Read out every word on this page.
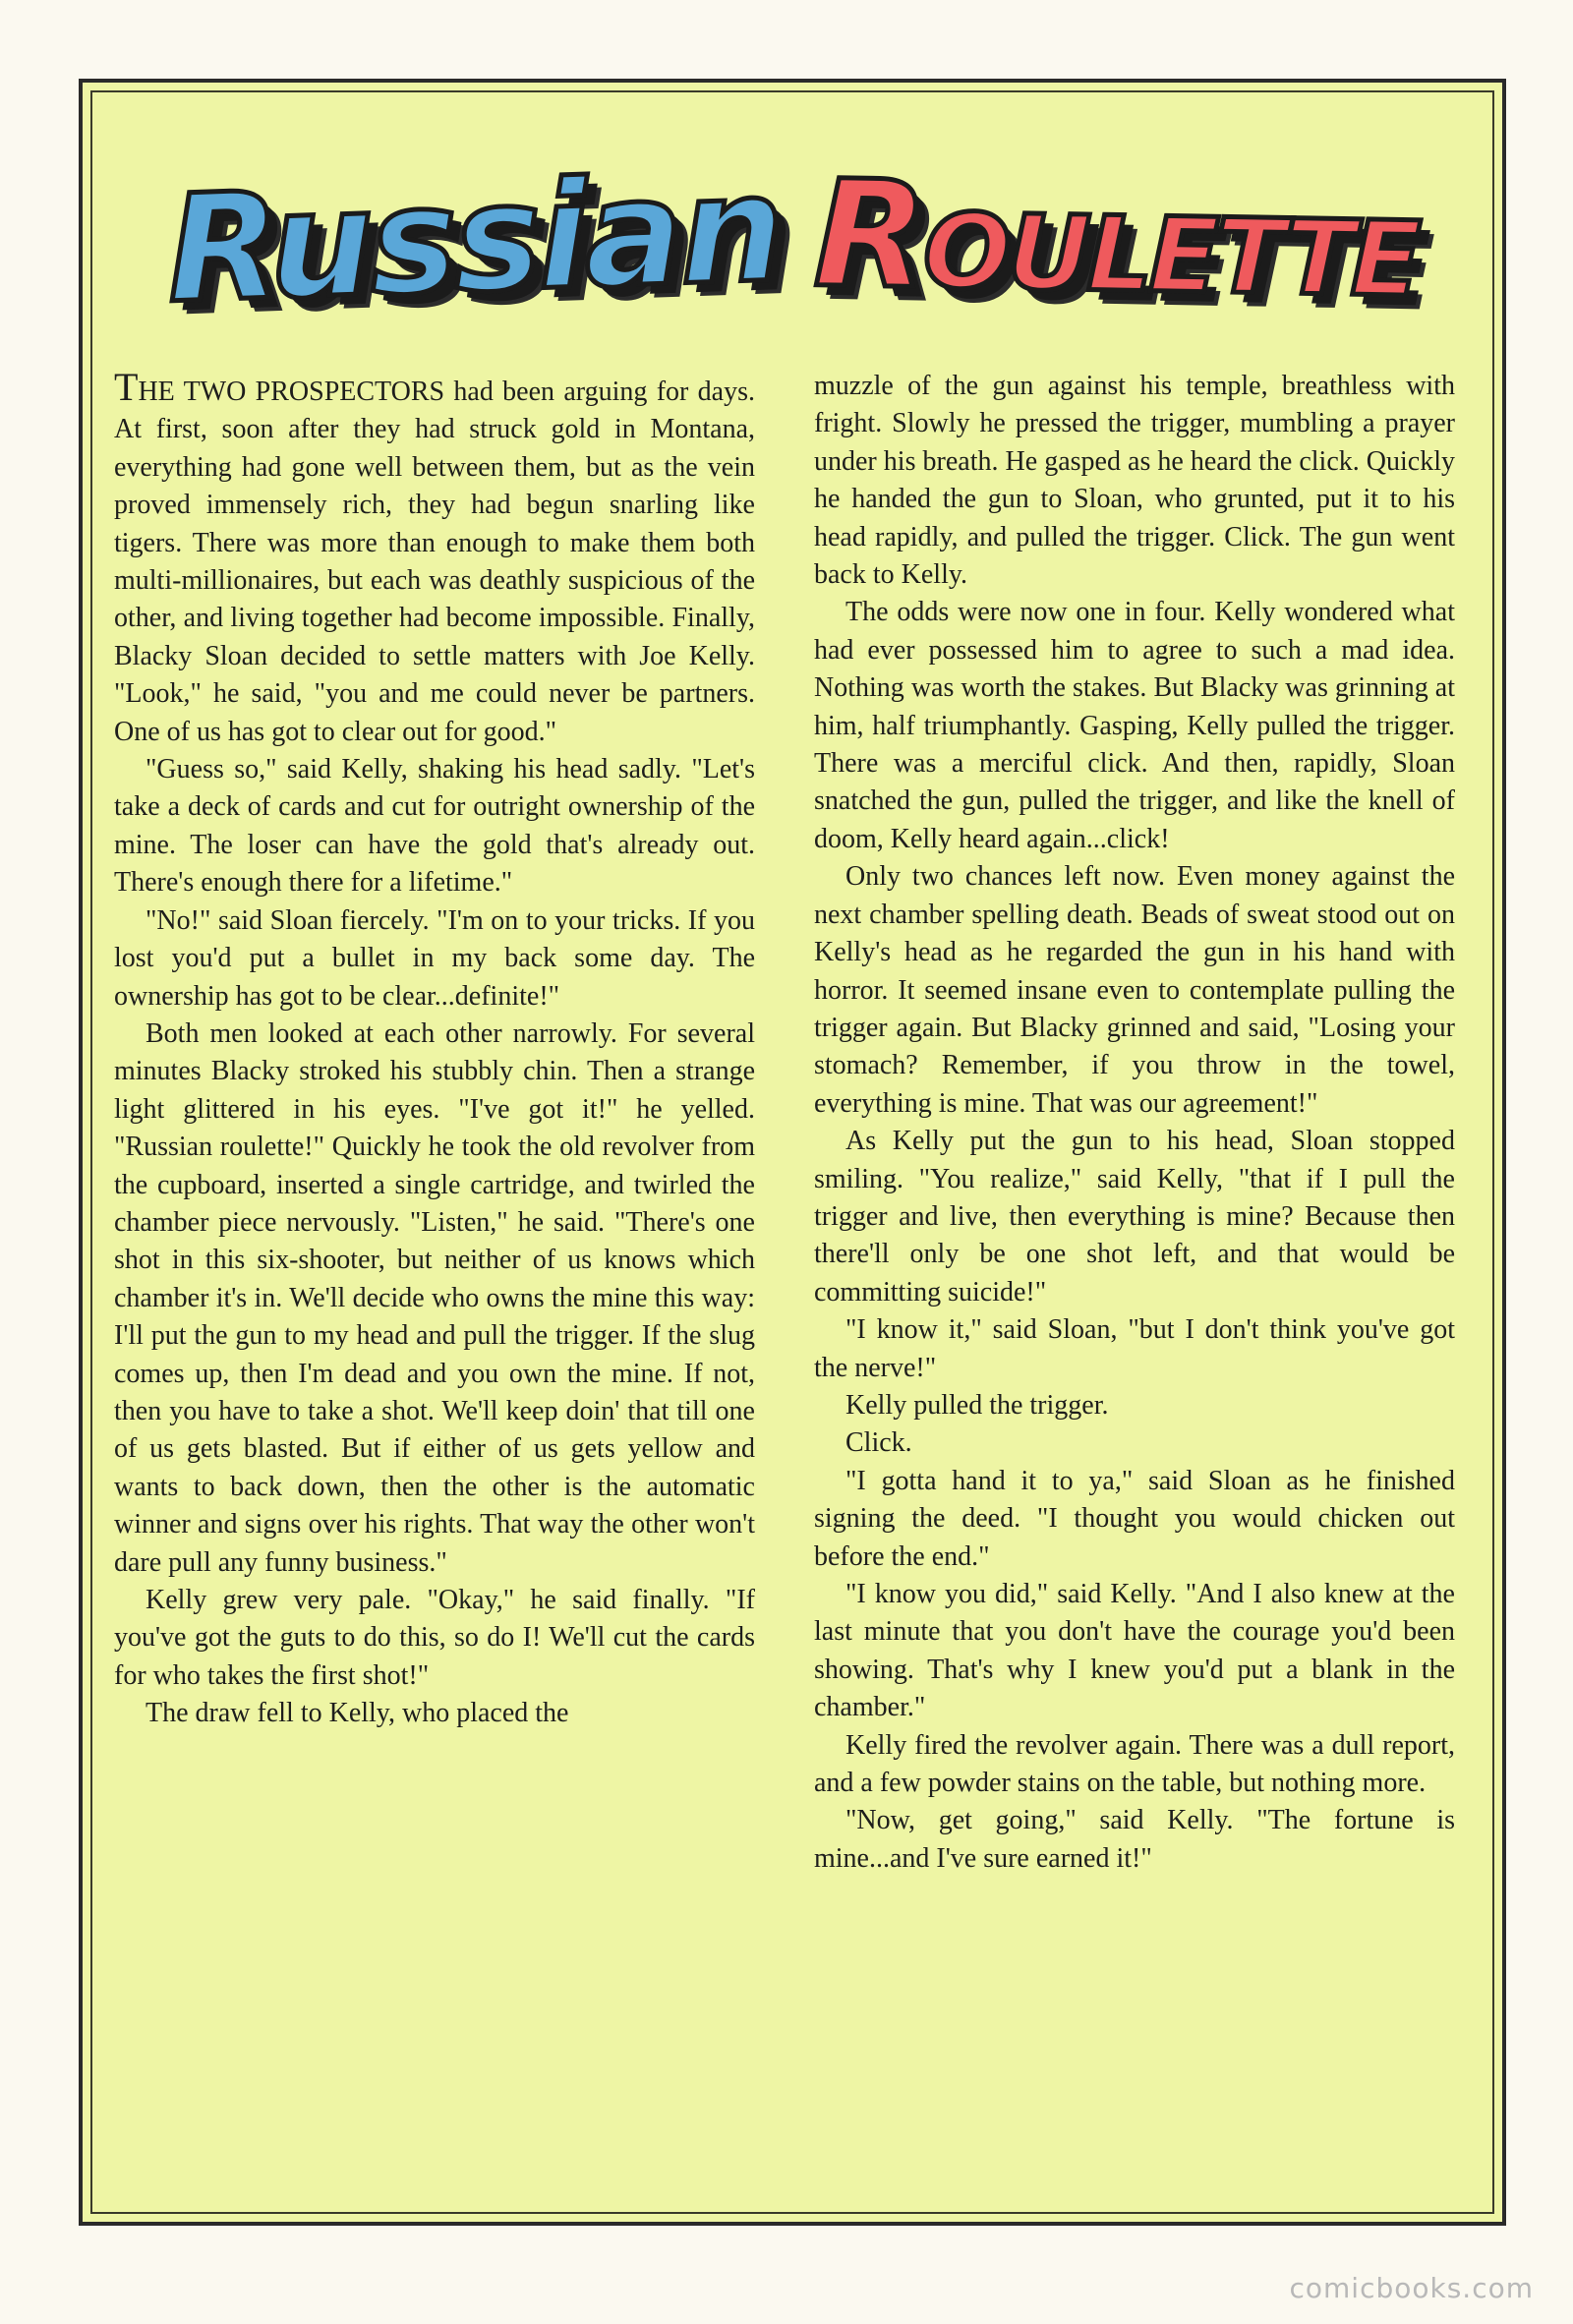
Russian Roulette

THE TWO PROSPECTORS had been arguing for days. At first, soon after they had struck gold in Montana, everything had gone well between them, but as the vein proved immensely rich, they had begun snarling like tigers. There was more than enough to make them both multi-millionaires, but each was deathly suspicious of the other, and living together had become impossible. Finally, Blacky Sloan decided to settle matters with Joe Kelly. "Look," he said, "you and me could never be partners. One of us has got to clear out for good."

"Guess so," said Kelly, shaking his head sadly. "Let's take a deck of cards and cut for outright ownership of the mine. The loser can have the gold that's already out. There's enough there for a lifetime."

"No!" said Sloan fiercely. "I'm on to your tricks. If you lost you'd put a bullet in my back some day. The ownership has got to be clear...definite!"

Both men looked at each other narrowly. For several minutes Blacky stroked his stubbly chin. Then a strange light glittered in his eyes. "I've got it!" he yelled. "Russian roulette!" Quickly he took the old revolver from the cupboard, inserted a single cartridge, and twirled the chamber piece nervously. "Listen," he said. "There's one shot in this six-shooter, but neither of us knows which chamber it's in. We'll decide who owns the mine this way: I'll put the gun to my head and pull the trigger. If the slug comes up, then I'm dead and you own the mine. If not, then you have to take a shot. We'll keep doin' that till one of us gets blasted. But if either of us gets yellow and wants to back down, then the other is the automatic winner and signs over his rights. That way the other won't dare pull any funny business."

Kelly grew very pale. "Okay," he said finally. "If you've got the guts to do this, so do I! We'll cut the cards for who takes the first shot!"

The draw fell to Kelly, who placed the

muzzle of the gun against his temple, breathless with fright. Slowly he pressed the trigger, mumbling a prayer under his breath. He gasped as he heard the click. Quickly he handed the gun to Sloan, who grunted, put it to his head rapidly, and pulled the trigger. Click. The gun went back to Kelly.

The odds were now one in four. Kelly wondered what had ever possessed him to agree to such a mad idea. Nothing was worth the stakes. But Blacky was grinning at him, half triumphantly. Gasping, Kelly pulled the trigger. There was a merciful click. And then, rapidly, Sloan snatched the gun, pulled the trigger, and like the knell of doom, Kelly heard again...click!

Only two chances left now. Even money against the next chamber spelling death. Beads of sweat stood out on Kelly's head as he regarded the gun in his hand with horror. It seemed insane even to contemplate pulling the trigger again. But Blacky grinned and said, "Losing your stomach? Remember, if you throw in the towel, everything is mine. That was our agreement!"

As Kelly put the gun to his head, Sloan stopped smiling. "You realize," said Kelly, "that if I pull the trigger and live, then everything is mine? Because then there'll only be one shot left, and that would be committing suicide!"

"I know it," said Sloan, "but I don't think you've got the nerve!"

Kelly pulled the trigger.

Click.

"I gotta hand it to ya," said Sloan as he finished signing the deed. "I thought you would chicken out before the end."

"I know you did," said Kelly. "And I also knew at the last minute that you don't have the courage you'd been showing. That's why I knew you'd put a blank in the chamber."

Kelly fired the revolver again. There was a dull report, and a few powder stains on the table, but nothing more.

"Now, get going," said Kelly. "The fortune is mine...and I've sure earned it!"

comicbooks.com
